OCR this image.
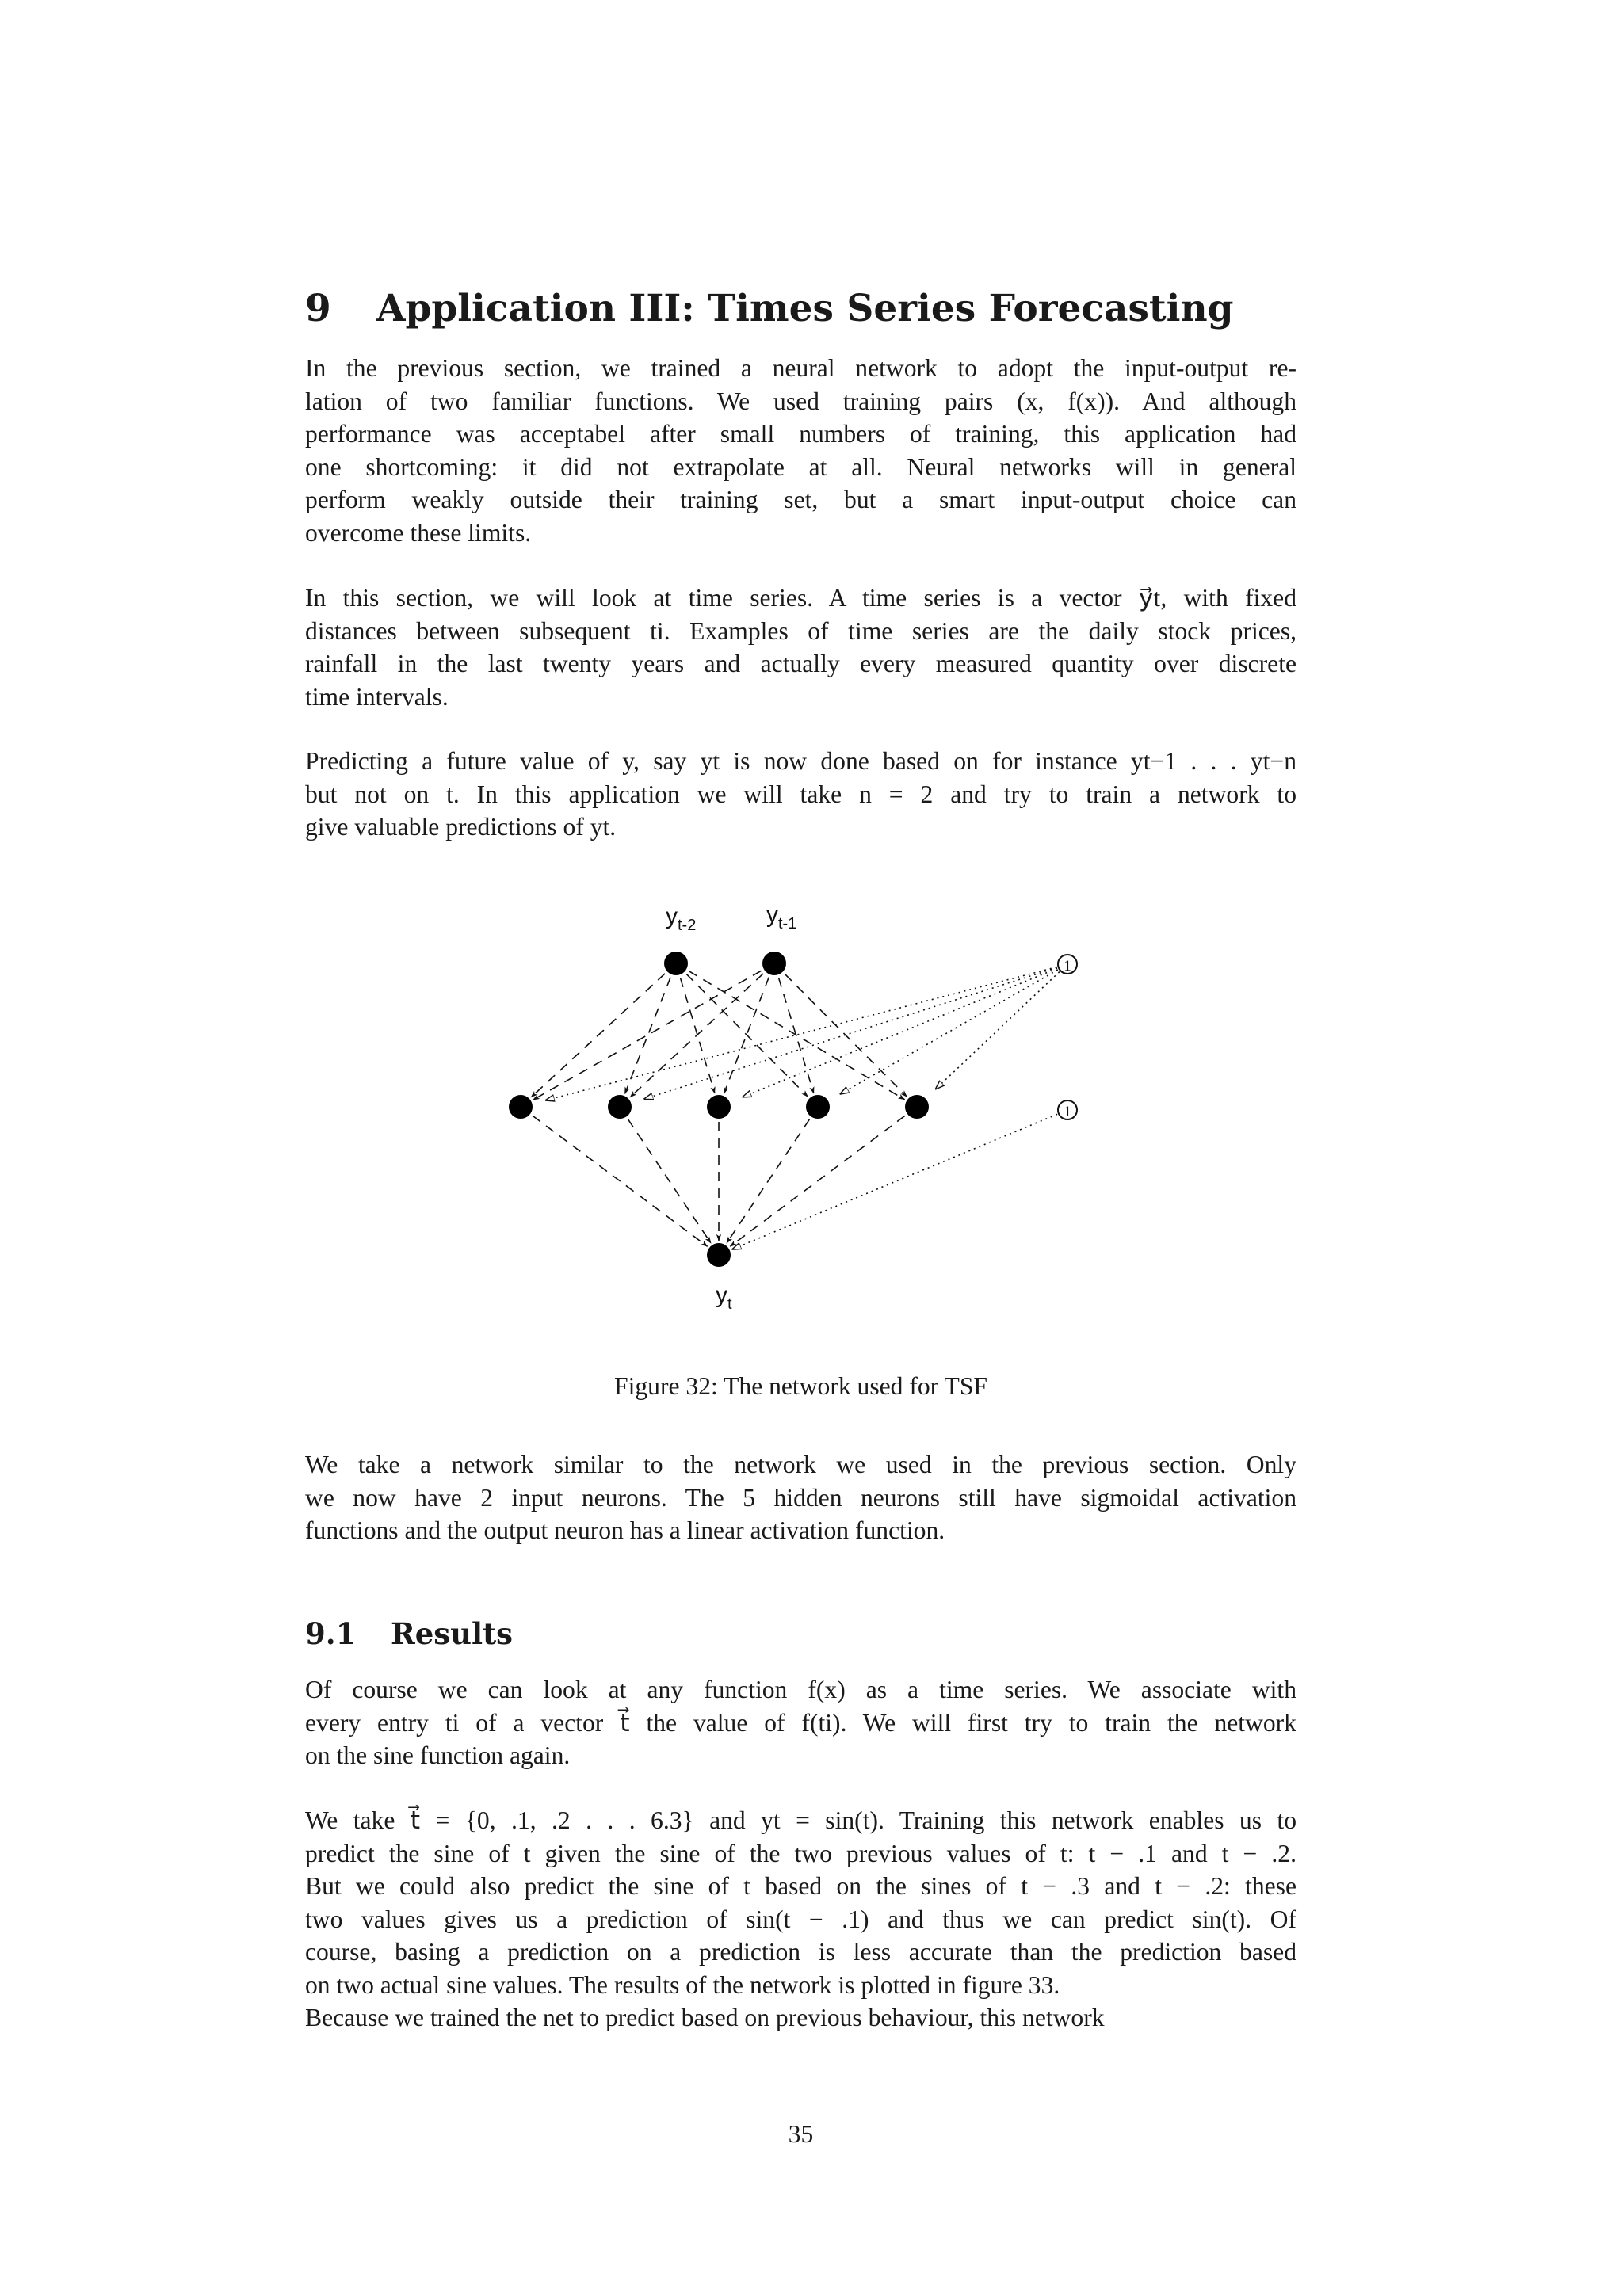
9 Application III: Times Series Forecasting

In the previous section, we trained a neural network to adopt the input-output re-
lation of two familiar functions. We used training pairs (x, f(x)). And although
performance was acceptabel after small numbers of training, this application had
one shortcoming: it did not extrapolate at all. Neural networks will in general
perform weakly outside their training set, but a smart input-output choice can
overcome these limits.

In this section, we will look at time series. A time series is a vector y⃗t, with fixed
distances between subsequent ti. Examples of time series are the daily stock prices,
rainfall in the last twenty years and actually every measured quantity over discrete
time intervals.

Predicting a future value of y, say yt is now done based on for instance yt−1 . . . yt−n
but not on t. In this application we will take n = 2 and try to train a network to
give valuable predictions of yt.

$y_{t-2}$	$y_{t-1}$
$y_t$
1
1

Figure 32: The network used for TSF

We take a network similar to the network we used in the previous section. Only
we now have 2 input neurons. The 5 hidden neurons still have sigmoidal activation
functions and the output neuron has a linear activation function.

9.1 Results

Of course we can look at any function f(x) as a time series. We associate with
every entry ti of a vector t⃗ the value of f(ti). We will first try to train the network
on the sine function again.

We take t⃗ = {0, .1, .2 . . . 6.3} and yt = sin(t). Training this network enables us to
predict the sine of t given the sine of the two previous values of t: t − .1 and t − .2.
But we could also predict the sine of t based on the sines of t − .3 and t − .2: these
two values gives us a prediction of sin(t − .1) and thus we can predict sin(t). Of
course, basing a prediction on a prediction is less accurate than the prediction based
on two actual sine values. The results of the network is plotted in figure 33.

Because we trained the net to predict based on previous behaviour, this network

35
